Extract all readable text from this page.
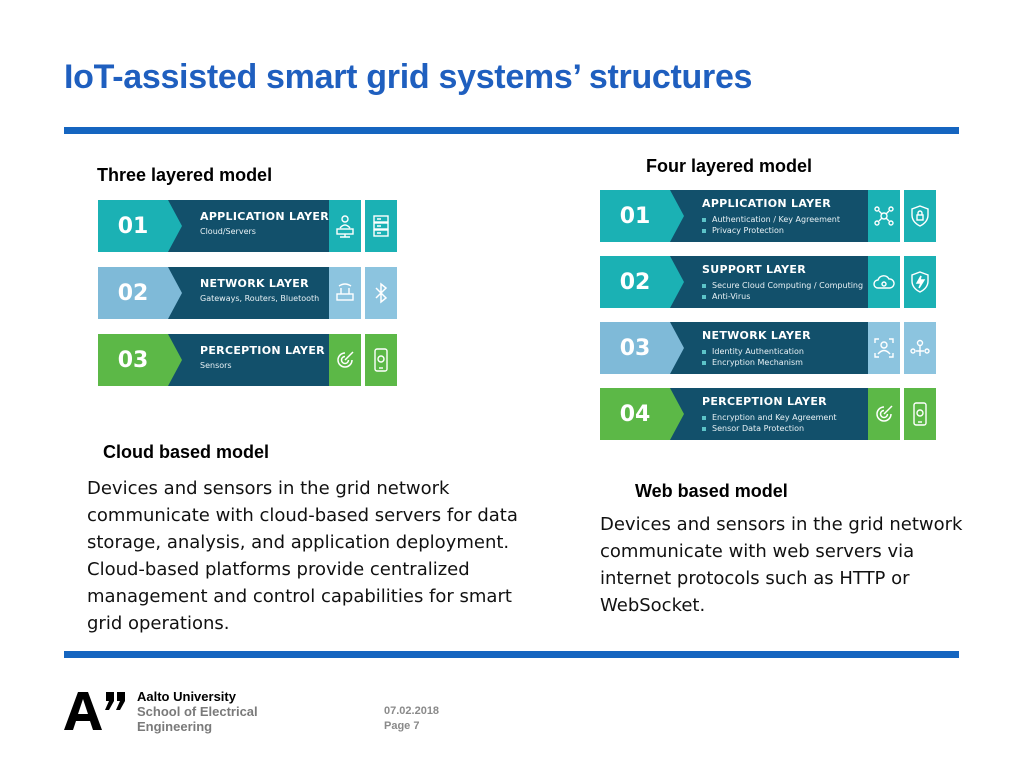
IoT-assisted smart grid systems’ structures
Three layered model
01	APPLICATION LAYER
Cloud/Servers
02	NETWORK LAYER
Gateways, Routers, Bluetooth
03	PERCEPTION LAYER
Sensors
Four layered model
01	APPLICATION LAYER
Authentication / Key Agreement
Privacy Protection
02	SUPPORT LAYER
Secure Cloud Computing / Computing
Anti-Virus
03	NETWORK LAYER
Identity Authentication
Encryption Mechanism
04	PERCEPTION LAYER
Encryption and Key Agreement
Sensor Data Protection
Cloud based model
Devices and sensors in the grid network
communicate with cloud-based servers for data
storage, analysis, and application deployment.
Cloud-based platforms provide centralized
management and control capabilities for smart
grid operations.
Web based model
Devices and sensors in the grid network
communicate with web servers via
internet protocols such as HTTP or
WebSocket.
Aalto University
School of Electrical
Engineering
07.02.2018
Page 7
